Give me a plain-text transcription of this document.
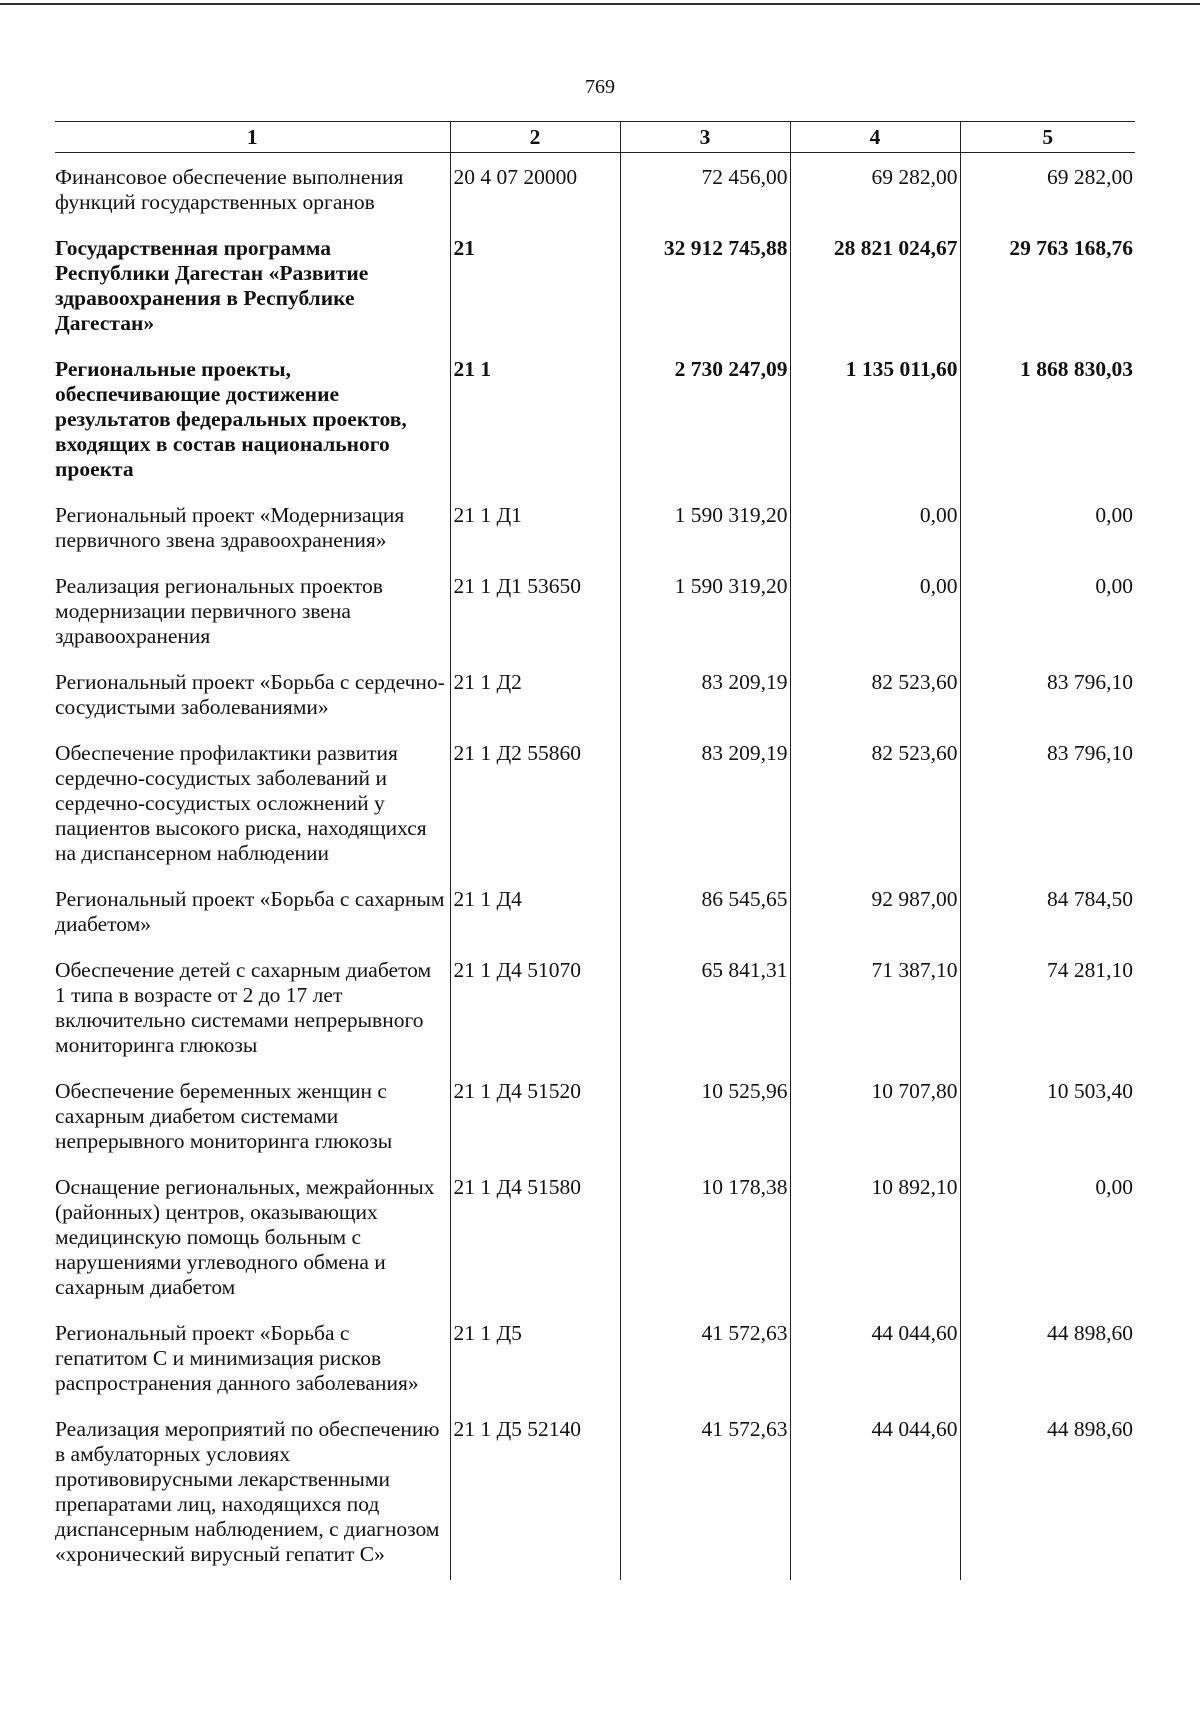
769
1	2	3	4	5
Финансовое обеспечение выполнения функций государственных органов	20 4 07 20000	72 456,00	69 282,00	69 282,00
Государственная программа Республики Дагестан «Развитие здравоохранения в Республике Дагестан»	21	32 912 745,88	28 821 024,67	29 763 168,76
Региональные проекты, обеспечивающие достижение результатов федеральных проектов, входящих в состав национального проекта	21 1	2 730 247,09	1 135 011,60	1 868 830,03
Региональный проект «Модернизация первичного звена здравоохранения»	21 1 Д1	1 590 319,20	0,00	0,00
Реализация региональных проектов модернизации первичного звена здравоохранения	21 1 Д1 53650	1 590 319,20	0,00	0,00
Региональный проект «Борьба с сердечно-сосудистыми заболеваниями»	21 1 Д2	83 209,19	82 523,60	83 796,10
Обеспечение профилактики развития сердечно-сосудистых заболеваний и сердечно-сосудистых осложнений у пациентов высокого риска, находящихся на диспансерном наблюдении	21 1 Д2 55860	83 209,19	82 523,60	83 796,10
Региональный проект «Борьба с сахарным диабетом»	21 1 Д4	86 545,65	92 987,00	84 784,50
Обеспечение детей с сахарным диабетом 1 типа в возрасте от 2 до 17 лет включительно системами непрерывного мониторинга глюкозы	21 1 Д4 51070	65 841,31	71 387,10	74 281,10
Обеспечение беременных женщин с сахарным диабетом системами непрерывного мониторинга глюкозы	21 1 Д4 51520	10 525,96	10 707,80	10 503,40
Оснащение региональных, межрайонных (районных) центров, оказывающих медицинскую помощь больным с нарушениями углеводного обмена и сахарным диабетом	21 1 Д4 51580	10 178,38	10 892,10	0,00
Региональный проект «Борьба с гепатитом С и минимизация рисков распространения данного заболевания»	21 1 Д5	41 572,63	44 044,60	44 898,60
Реализация мероприятий по обеспечению в амбулаторных условиях противовирусными лекарственными препаратами лиц, находящихся под диспансерным наблюдением, с диагнозом «хронический вирусный гепатит С»	21 1 Д5 52140	41 572,63	44 044,60	44 898,60
